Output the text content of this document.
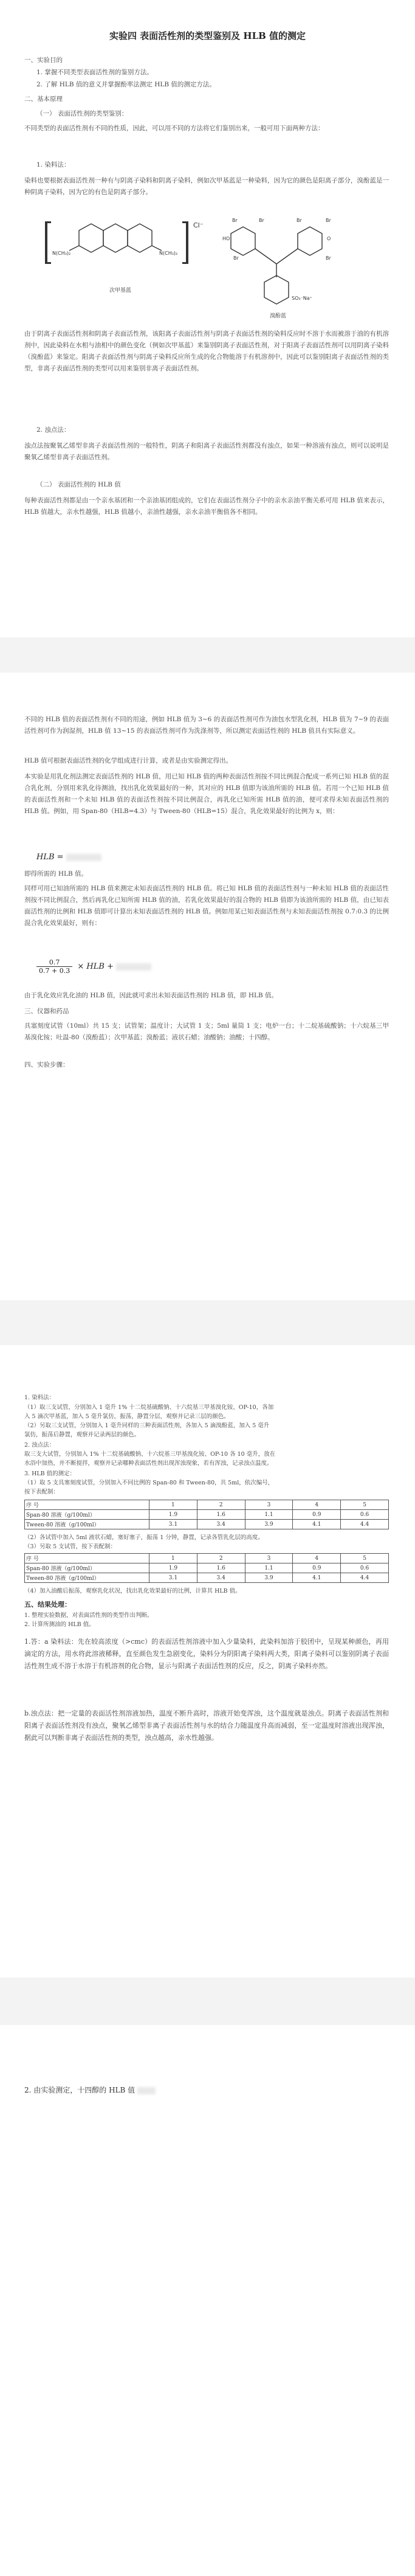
实验四 表面活性剂的类型鉴别及 HLB 值的测定
一、实验目的
1. 掌握不同类型表面活性剂的鉴别方法。
2. 了解 HLB 值的意义并掌握酚率法测定 HLB 值的测定方法。
二、基本原理
（一） 表面活性剂的类型鉴别：
不同类型的表面活性剂有不同的性质，因此，可以用不同的方法将它们鉴别出来，一般可用下面两种方法：
1. 染料法：
染料也要根据表面活性剂一种有与阴离子染料和阴离子染料，例如次甲基蓝是一种染料，因为它的颜色是阳离子部分，溴酚蓝是一种阴离子染料，因为它的有色是阴离子部分。
N(CH₃)₂	N(CH₃)₂
Cl⁻
次甲基蓝
Br	Br	Br	Br
HO	O
Br	Br
SO₃⁻Na⁺
溴酚蓝
由于阴离子表面活性剂和阴离子表面活性剂，该阳离子表面活性剂与阴离子表面活性剂的染料反应时不溶于水而被溶于油的有机溶剂中，因此染料在水相与油相中的颜色变化（例如次甲基蓝）来鉴别阴离子表面活性剂，对于阳离子表面活性剂可以用阴离子染料（溴酚蓝）来鉴定。阳离子表面活性剂与阴离子染料反应所生成的化合物能溶于有机溶剂中，因此可以鉴别阳离子表面活性剂的类型，非离子表面活性剂的类型可以用来鉴别非离子表面活性剂。
2. 浊点法：
浊点法按聚氧乙烯型非离子表面活性剂的一般特性，阴离子和阳离子表面活性剂都没有浊点，如果一种溶液有浊点，则可以说明是聚氧乙烯型非离子表面活性剂。
（二） 表面活性剂的 HLB 值
每种表面活性剂都是由一个亲水基团和一个亲油基团组成的，它们在表面活性剂分子中的亲水亲油平衡关系可用 HLB 值来表示，HLB 值越大，亲水性越强，HLB 值越小，亲油性越强，亲水亲油平衡值各不相同。
不同的 HLB 值的表面活性剂有不同的用途，例如 HLB 值为 3~6 的表面活性剂可作为油包水型乳化剂，HLB 值为 7~9 的表面活性剂可作为润湿剂，HLB 值 13~15 的表面活性剂可作为洗涤剂等，所以测定表面活性剂的 HLB 值具有实际意义。
HLB 值可根据表面活性剂的化学组成进行计算，或者是由实验测定得出。
本实验是用乳化剂法测定表面活性剂的 HLB 值，用已知 HLB 值的两种表面活性剂按不同比例混合配成一系列已知 HLB 值的混合乳化剂，分别用来乳化待测油，找出乳化效果最好的一种，其对应的 HLB 值即为该油所需的 HLB 值。若用一个已知 HLB 值的表面活性剂和一个未知 HLB 值的表面活性剂按不同比例混合，再乳化已知所需 HLB 值的油，便可求得未知表面活性剂的 HLB 值。例如，用 Span-80（HLB=4.3）与 Tween-80（HLB=15）混合，乳化效果最好的比例为 x，则：
HLB =
即得所需的 HLB 值。
同样可用已知油所需的 HLB 值来测定未知表面活性剂的 HLB 值。将已知 HLB 值的表面活性剂与一种未知 HLB 值的表面活性剂按不同比例混合，然后再乳化已知所需 HLB 值的油，若乳化效果最好的混合物的 HLB 值即为该油所需的 HLB 值，由已知表面活性剂的比例和 HLB 值即可计算出未知表面活性剂的 HLB 值。例如用某已知表面活性剂与未知表面活性剂按 0.7:0.3 的比例混合乳化效果最好，则有：
$\frac{0.7}{0.7 + 0.3}$ × HLB +
由于乳化效应乳化油的 HLB 值，因此就可求出未知表面活性剂的 HLB 值，即 HLB 值。
三、仪器和药品
具塞刻度试管（10ml）共 15 支；试管架；温度计；大试管 1 支；5ml 量筒 1 支；电炉一台；十二烷基硫酸钠；十六烷基三甲基溴化铵；吐温-80（溴酚蓝）；次甲基蓝；溴酚蓝；液状石蜡；油酸钠；油酸；十四醇。
四、实验步骤：
1. 染料法：
（1）取三支试管，分别加入 1 毫升 1% 十二烷基硫酸钠、十六烷基三甲基溴化铵、OP-10，各加
入 5 滴次甲基蓝，加入 5 毫升氯仿，振荡，静置分层，观察并记录三层的颜色。
（2）另取三支试管，分别加入 1 毫升同样的三种表面活性剂，各加入 5 滴溴酚蓝，加入 5 毫升
氯仿，振荡后静置，观察并记录两层的颜色。
2. 浊点法：
取三支大试管，分别加入 1% 十二烷基硫酸钠、十六烷基三甲基溴化铵、OP-10 各 10 毫升，放在
水浴中加热，并不断搅拌，观察并记录哪种表面活性剂出现浑浊现象，若有浑浊，记录浊点温度。
3. HLB 值的测定：
（1）取 5 支具塞刻度试管，分别加入不同比例的 Span-80 和 Tween-80，共 5ml，依次编号，
按下表配制：
序 号	1	2	3	4	5
Span-80 溶液（g/100ml）	1.9	1.6	1.1	0.9	0.6
Tween-80 溶液（g/100ml）	3.1	3.4	3.9	4.1	4.4
（2）各试管中加入 5ml 液状石蜡，塞好塞子，振荡 1 分钟，静置，记录各管乳化层的高度。
（3）另取 5 支试管，按下表配制：
序 号	1	2	3	4	5
Span-80 溶液（g/100ml）	1.9	1.6	1.1	0.9	0.6
Tween-80 溶液（g/100ml）	3.1	3.4	3.9	4.1	4.4
（4）加入油酸后振荡，观察乳化状况，找出乳化效果最好的比例，计算其 HLB 值。
五、结果处理：
1. 整理实验数据，对表面活性剂的类型作出判断。
2. 计算所测油的 HLB 值。
1.答：a 染料法：先在较高浓度（>cmc）的表面活性剂溶液中加入少量染料，此染料加溶于胶团中，呈现某种颜色，再用滴定的方法，用水将此溶液稀释，直至颜色发生急剧变化，染料分为阴阳离子染料两大类，阳离子染料可以鉴别阴离子表面活性剂生成不溶于水溶于有机溶剂的化合物，显示与阳离子表面活性剂的反应，反之，阴离子染料亦然。
b.浊点法：把一定量的表面活性剂溶液加热，温度不断升高时，溶液开始变浑浊，这个温度就是浊点。阴离子表面活性剂和阳离子表面活性剂没有浊点，聚氧乙烯型非离子表面活性剂与水的结合力随温度升高而减弱，至一定温度时溶液出现浑浊，据此可以判断非离子表面活性剂的类型，浊点越高，亲水性越强。
2. 由实验测定，十四醇的 HLB 值
